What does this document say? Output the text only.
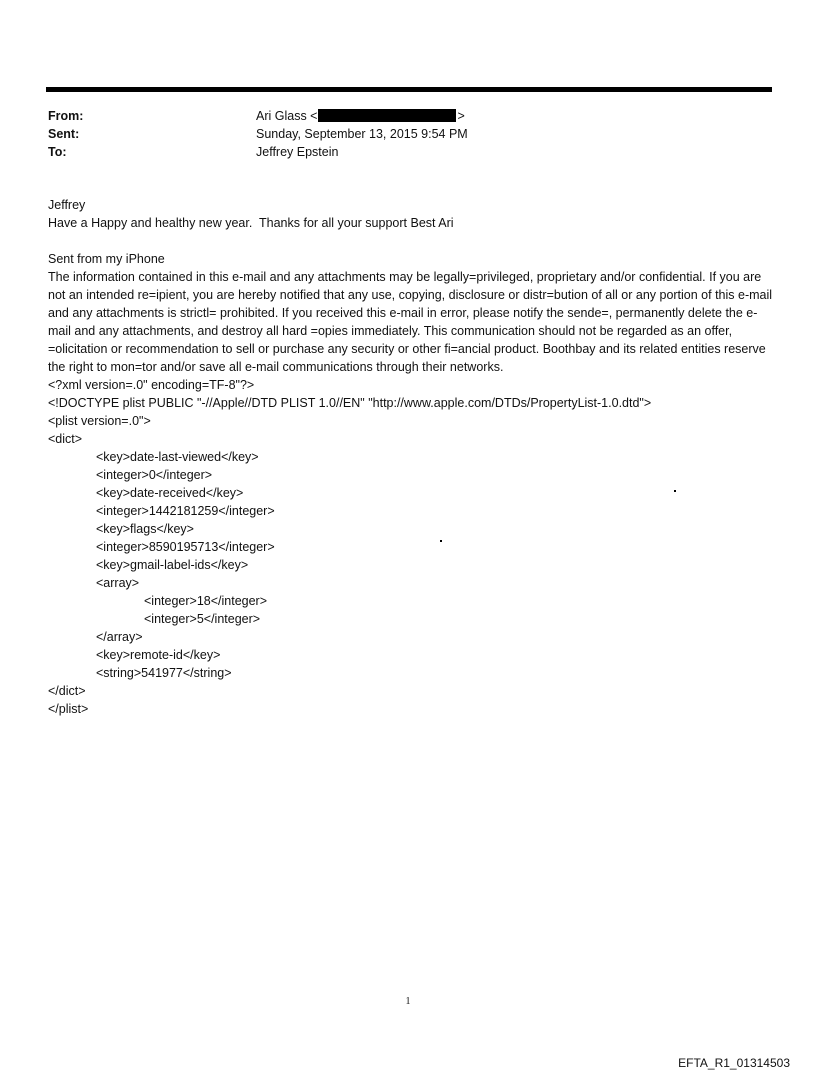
From:	Ari Glass <	>
Sent:	Sunday, September 13, 2015 9:54 PM
To:	Jeffrey Epstein
Jeffrey
Have a Happy and healthy new year.  Thanks for all your support Best Ari
Sent from my iPhone
The information contained in this e-mail and any attachments may be legally=privileged, proprietary and/or confidential. If you are not an intended re=ipient, you are hereby notified that any use, copying, disclosure or distr=bution of all or any portion of this e-mail and any attachments is strictl= prohibited. If you received this e-mail in error, please notify the sende=, permanently delete the e-mail and any attachments, and destroy all hard =opies immediately. This communication should not be regarded as an offer, =olicitation or recommendation to sell or purchase any security or other fi=ancial product. Boothbay and its related entities reserve the right to mon=tor and/or save all e-mail communications through their networks.
<?xml version=.0" encoding=TF-8"?>
<!DOCTYPE plist PUBLIC "-//Apple//DTD PLIST 1.0//EN" "http://www.apple.com/DTDs/PropertyList-1.0.dtd">
<plist version=.0">
<dict>
<key>date-last-viewed</key>
<integer>0</integer>
<key>date-received</key>
<integer>1442181259</integer>
<key>flags</key>
<integer>8590195713</integer>
<key>gmail-label-ids</key>
<array>
<integer>18</integer>
<integer>5</integer>
</array>
<key>remote-id</key>
<string>541977</string>
</dict>
</plist>
1
EFTA_R1_01314503
